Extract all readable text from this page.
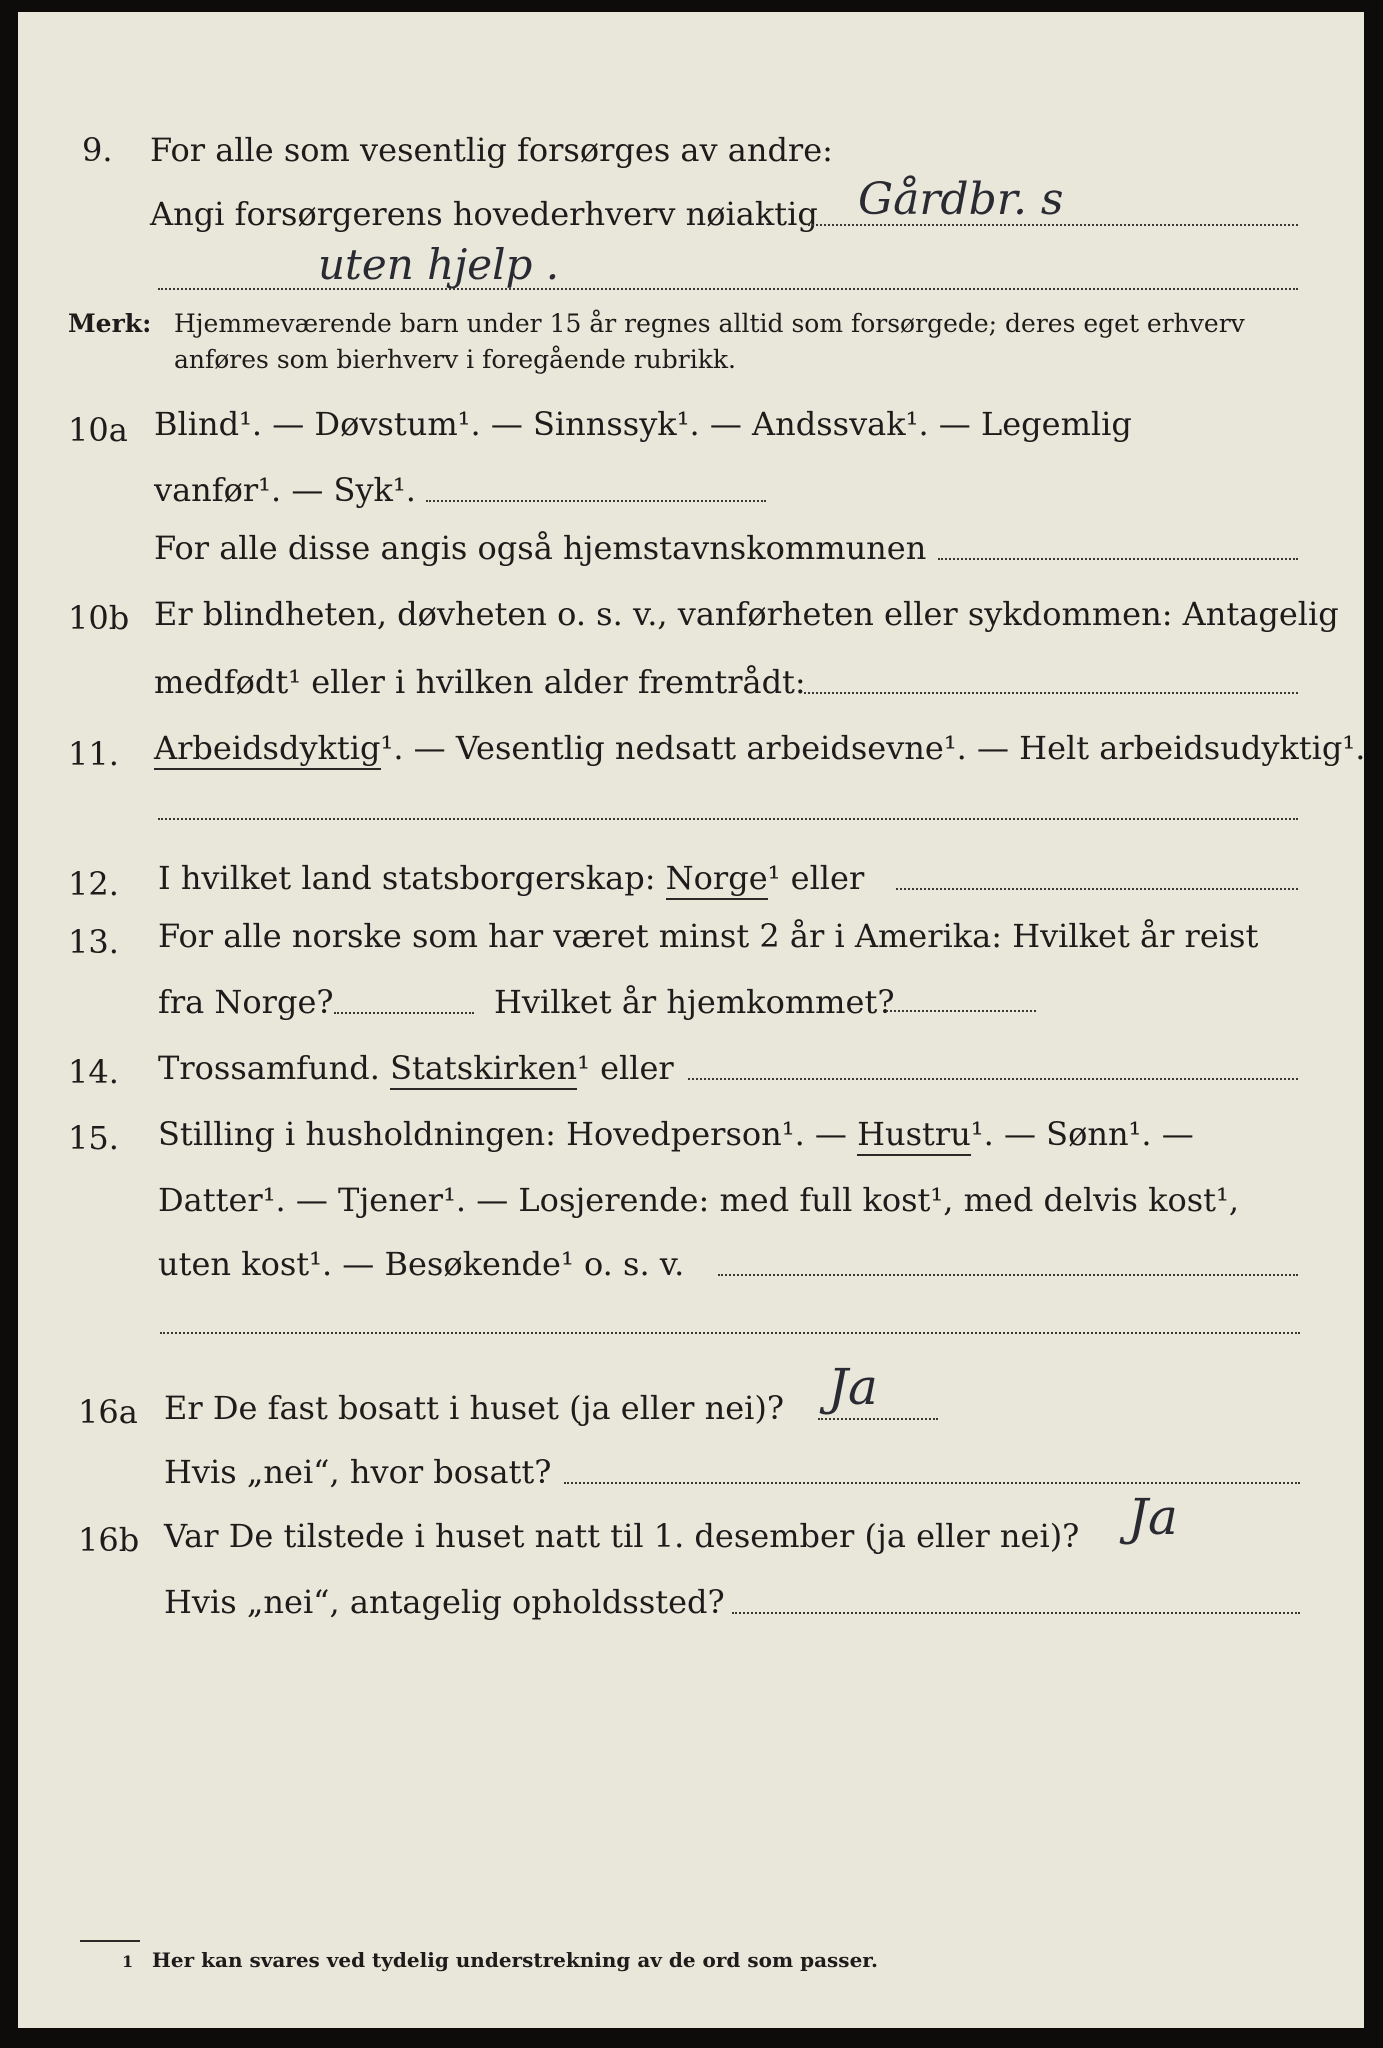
9. For alle som vesentlig forsørges av andre:
Angi forsørgerens hovederhverv nøiaktig Gårdbr. s
uten hjelp .
Merk: Hjemmeværende barn under 15 år regnes alltid som forsørgede; deres eget erhverv
anføres som bierhverv i foregående rubrikk.
10a Blind¹. — Døvstum¹. — Sinnssyk¹. — Andssvak¹. — Legemlig
vanfør¹. — Syk¹.
For alle disse angis også hjemstavnskommunen
10b Er blindheten, døvheten o. s. v., vanførheten eller sykdommen: Antagelig
medfødt¹ eller i hvilken alder fremtrådt:
11. Arbeidsdyktig¹. — Vesentlig nedsatt arbeidsevne¹. — Helt arbeidsudyktig¹.
12. I hvilket land statsborgerskap: Norge¹ eller
13. For alle norske som har været minst 2 år i Amerika: Hvilket år reist
fra Norge?	Hvilket år hjemkommet?
14. Trossamfund. Statskirken¹ eller
15. Stilling i husholdningen: Hovedperson¹. — Hustru¹. — Sønn¹. —
Datter¹. — Tjener¹. — Losjerende: med full kost¹, med delvis kost¹,
uten kost¹. — Besøkende¹ o. s. v.
16a Er De fast bosatt i huset (ja eller nei)? Ja
Hvis „nei“, hvor bosatt?
16b Var De tilstede i huset natt til 1. desember (ja eller nei)? Ja
Hvis „nei“, antagelig opholdssted?
1 Her kan svares ved tydelig understrekning av de ord som passer.
